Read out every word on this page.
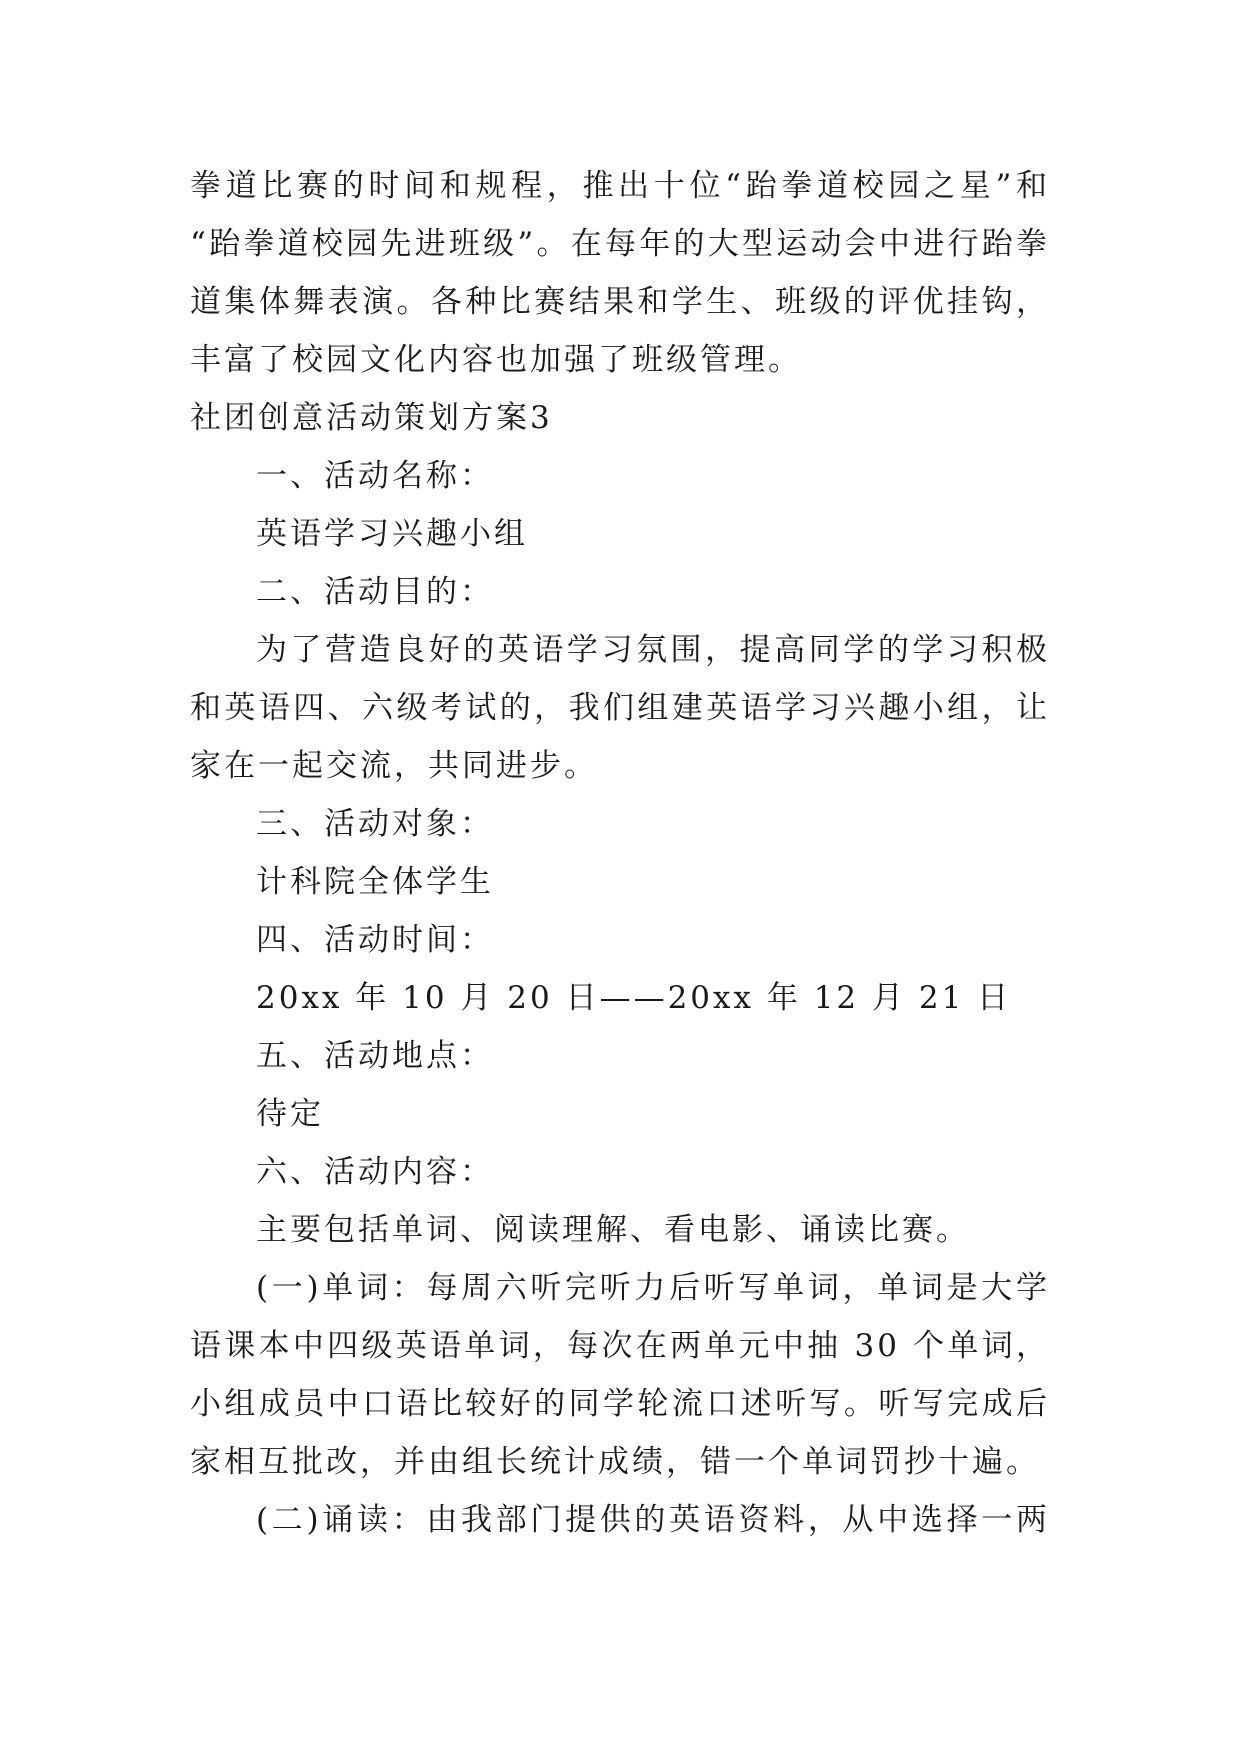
拳道比赛的时间和规程，推出十位“跆拳道校园之星”和
“跆拳道校园先进班级”。在每年的大型运动会中进行跆拳
道集体舞表演。各种比赛结果和学生、班级的评优挂钩，
丰富了校园文化内容也加强了班级管理。
社团创意活动策划方案3
一、活动名称：
英语学习兴趣小组
二、活动目的：
为了营造良好的英语学习氛围，提高同学的学习积极
和英语四、六级考试的，我们组建英语学习兴趣小组，让
家在一起交流，共同进步。
三、活动对象：
计科院全体学生
四、活动时间：
20xx 年 10 月 20 日——20xx 年 12 月 21 日
五、活动地点：
待定
六、活动内容：
主要包括单词、阅读理解、看电影、诵读比赛。
(一)单词：每周六听完听力后听写单词，单词是大学
语课本中四级英语单词，每次在两单元中抽 30 个单词，
小组成员中口语比较好的同学轮流口述听写。听写完成后
家相互批改，并由组长统计成绩，错一个单词罚抄十遍。
(二)诵读：由我部门提供的英语资料，从中选择一两
